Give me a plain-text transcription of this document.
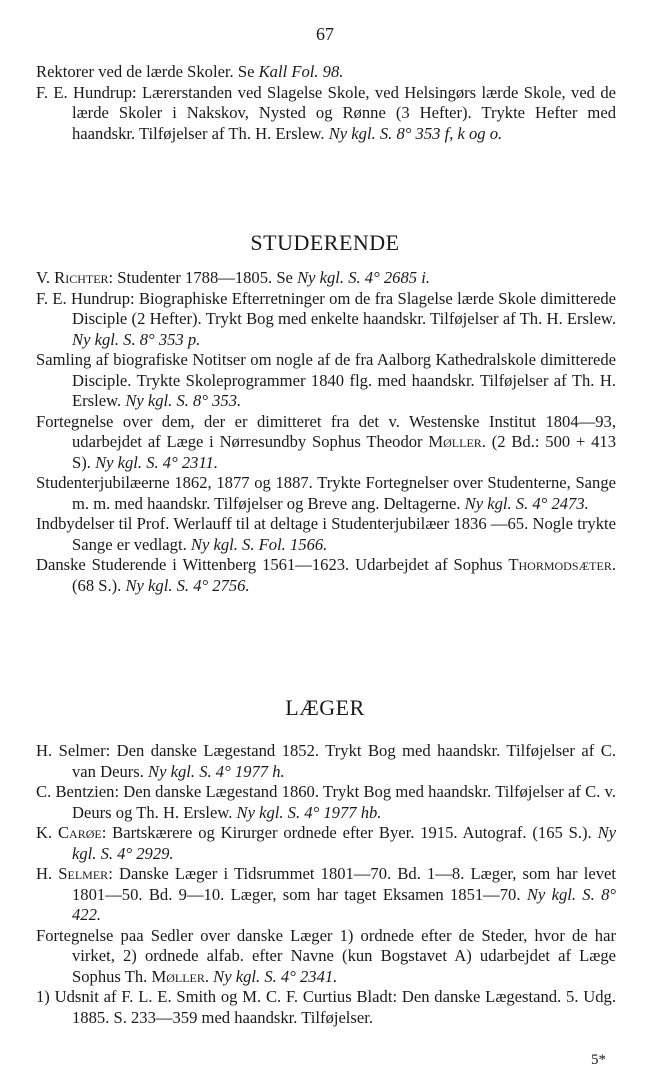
67

Rektorer ved de lærde Skoler. Se Kall Fol. 98.

F. E. Hundrup: Lærerstanden ved Slagelse Skole, ved Helsingørs lærde Skole, ved de lærde Skoler i Nakskov, Nysted og Rønne (3 Hefter). Trykte Hefter med haandskr. Tilføjelser af Th. H. Erslew. Ny kgl. S. 8° 353 f, k og o.

STUDERENDE

V. Richter: Studenter 1788—1805. Se Ny kgl. S. 4° 2685 i.

F. E. Hundrup: Biographiske Efterretninger om de fra Slagelse lærde Skole dimitterede Disciple (2 Hefter). Trykt Bog med enkelte haandskr. Tilføjelser af Th. H. Erslew. Ny kgl. S. 8° 353 p.

Samling af biografiske Notitser om nogle af de fra Aalborg Kathedralskole dimitterede Disciple. Trykte Skoleprogrammer 1840 flg. med haandskr. Tilføjelser af Th. H. Erslew. Ny kgl. S. 8° 353.

Fortegnelse over dem, der er dimitteret fra det v. Westenske Institut 1804—93, udarbejdet af Læge i Nørresundby Sophus Theodor Møller. (2 Bd.: 500 + 413 S). Ny kgl. S. 4° 2311.

Studenterjubilæerne 1862, 1877 og 1887. Trykte Fortegnelser over Studenterne, Sange m. m. med haandskr. Tilføjelser og Breve ang. Deltagerne. Ny kgl. S. 4° 2473.

Indbydelser til Prof. Werlauff til at deltage i Studenterjubilæer 1836 —65. Nogle trykte Sange er vedlagt. Ny kgl. S. Fol. 1566.

Danske Studerende i Wittenberg 1561—1623. Udarbejdet af Sophus Thormodsæter. (68 S.). Ny kgl. S. 4° 2756.

LÆGER

H. Selmer: Den danske Lægestand 1852. Trykt Bog med haandskr. Tilføjelser af C. van Deurs. Ny kgl. S. 4° 1977 h.

C. Bentzien: Den danske Lægestand 1860. Trykt Bog med haandskr. Tilføjelser af C. v. Deurs og Th. H. Erslew. Ny kgl. S. 4° 1977 hb.

K. Carøe: Bartskærere og Kirurger ordnede efter Byer. 1915. Autograf. (165 S.). Ny kgl. S. 4° 2929.

H. Selmer: Danske Læger i Tidsrummet 1801—70. Bd. 1—8. Læger, som har levet 1801—50. Bd. 9—10. Læger, som har taget Eksamen 1851—70. Ny kgl. S. 8° 422.

Fortegnelse paa Sedler over danske Læger 1) ordnede efter de Steder, hvor de har virket, 2) ordnede alfab. efter Navne (kun Bogstavet A) udarbejdet af Læge Sophus Th. Møller. Ny kgl. S. 4° 2341.

1) Udsnit af F. L. E. Smith og M. C. F. Curtius Bladt: Den danske Lægestand. 5. Udg. 1885. S. 233—359 med haandskr. Tilføjelser.

5*
